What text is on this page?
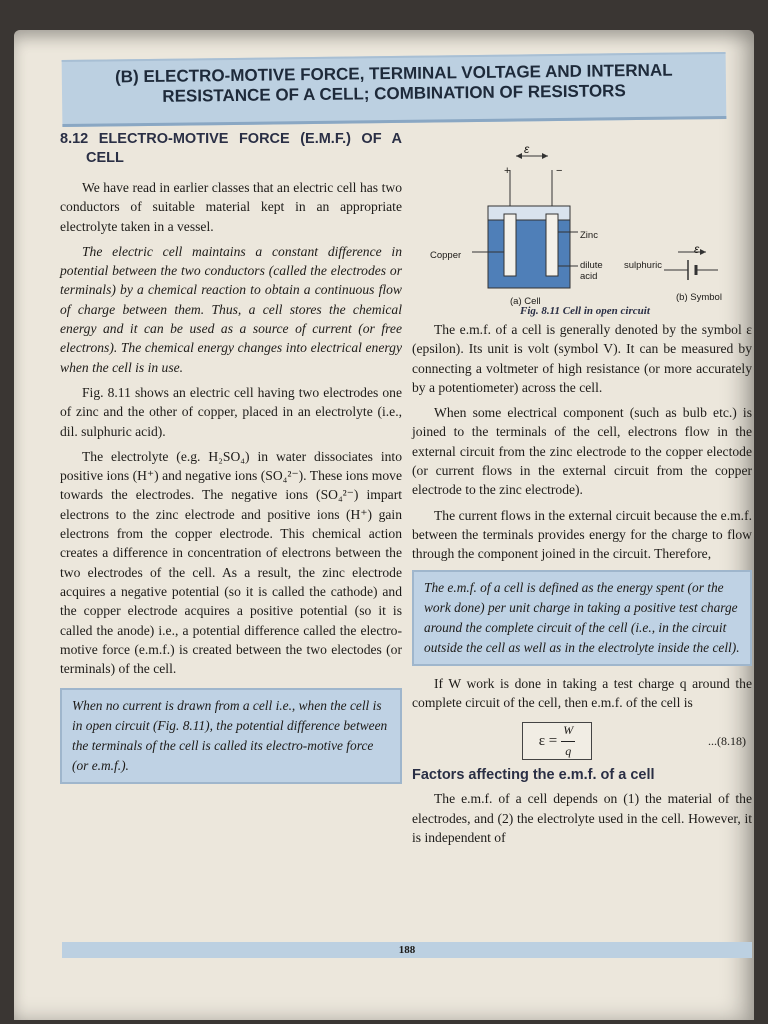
(B) ELECTRO-MOTIVE FORCE, TERMINAL VOLTAGE AND INTERNAL
RESISTANCE OF A CELL; COMBINATION OF RESISTORS
8.12 ELECTRO-MOTIVE FORCE (E.M.F.) OF A CELL

We have read in earlier classes that an electric cell has two conductors of suitable material kept in an appropriate electrolyte taken in a vessel.

The electric cell maintains a constant difference in potential between the two conductors (called the electrodes or terminals) by a chemical reaction to obtain a continuous flow of charge between them. Thus, a cell stores the chemical energy and it can be used as a source of current (or free electrons). The chemical energy changes into electrical energy when the cell is in use.

Fig. 8.11 shows an electric cell having two electrodes one of zinc and the other of copper, placed in an electrolyte (i.e., dil. sulphuric acid).

The electrolyte (e.g. H₂SO₄) in water dissociates into positive ions (H⁺) and negative ions (SO₄²⁻). These ions move towards the electrodes. The negative ions (SO₄²⁻) impart electrons to the zinc electrode and positive ions (H⁺) gain electrons from the copper electrode. This chemical action creates a difference in concentration of electrons between the two electrodes of the cell. As a result, the zinc electrode acquires a negative potential (so it is called the cathode) and the copper electrode acquires a positive potential (so it is called the anode) i.e., a potential difference called the electro-motive force (e.m.f.) is created between the two electodes (or terminals) of the cell.

When no current is drawn from a cell i.e., when the cell is in open circuit (Fig. 8.11), the potential difference between the terminals of the cell is called its electro-motive force (or e.m.f.).
ε
+	−
Copper
Zinc
dilute sulphuric acid
(a) Cell	(b) Symbol
ε
Fig. 8.11 Cell in open circuit

The e.m.f. of a cell is generally denoted by the symbol ε (epsilon). Its unit is volt (symbol V). It can be measured by connecting a voltmeter of high resistance (or more accurately by a potentiometer) across the cell.

When some electrical component (such as bulb etc.) is joined to the terminals of the cell, electrons flow in the external circuit from the zinc electrode to the copper electode (or current flows in the external circuit from the copper electrode to the zinc electrode).

The current flows in the external circuit because the e.m.f. between the terminals provides energy for the charge to flow through the component joined in the circuit. Therefore,

The e.m.f. of a cell is defined as the energy spent (or the work done) per unit charge in taking a positive test charge around the complete circuit of the cell (i.e., in the circuit outside the cell as well as in the electrolyte inside the cell).

If W work is done in taking a test charge q around the complete circuit of the cell, then e.m.f. of the cell is

$\varepsilon = \frac{W}{q}$	...(8.18)
Factors affecting the e.m.f. of a cell

The e.m.f. of a cell depends on (1) the material of the electrodes, and (2) the electrolyte used in the cell. However, it is independent of

188
